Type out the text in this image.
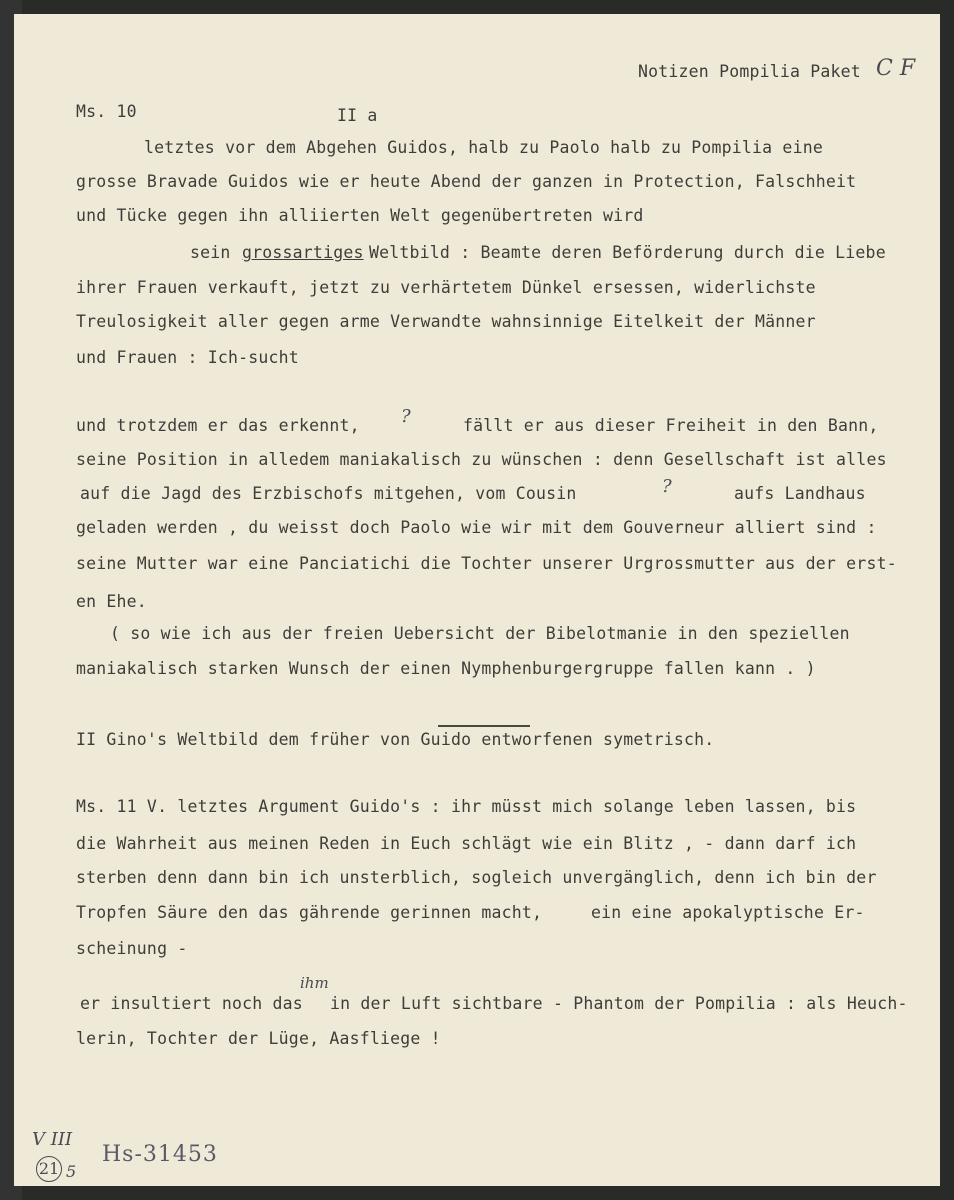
Notizen Pompilia Paket C F
Ms. 10	II a
letztes vor dem Abgehen Guidos, halb zu Paolo halb zu Pompilia eine
grosse Bravade Guidos wie er heute Abend der ganzen in Protection, Falschheit
und Tücke gegen ihn alliierten Welt gegenübertreten wird
sein grossartiges Weltbild : Beamte deren Beförderung durch die Liebe
ihrer Frauen verkauft, jetzt zu verhärtetem Dünkel ersessen, widerlichste
Treulosigkeit aller gegen arme Verwandte wahnsinnige Eitelkeit der Männer
und Frauen : Ich-sucht
und trotzdem er das erkennt, ?	fällt er aus dieser Freiheit in den Bann,
seine Position in alledem maniakalisch zu wünschen : denn Gesellschaft ist alles
auf die Jagd des Erzbischofs mitgehen, vom Cousin	?	aufs Landhaus
geladen werden , du weisst doch Paolo wie wir mit dem Gouverneur alliert sind :
seine Mutter war eine Panciatichi die Tochter unserer Urgrossmutter aus der erst-
en Ehe.
( so wie ich aus der freien Uebersicht der Bibelotmanie in den speziellen
maniakalisch starken Wunsch der einen Nymphenburgergruppe fallen kann . )
II Gino's Weltbild dem früher von Guido entworfenen symetrisch.
Ms. 11 V. letztes Argument Guido's : ihr müsst mich solange leben lassen, bis
die Wahrheit aus meinen Reden in Euch schlägt wie ein Blitz , - dann darf ich
sterben denn dann bin ich unsterblich, sogleich unvergänglich, denn ich bin der
Tropfen Säure den das gährende gerinnen macht,	ein eine apokalyptische Er-
scheinung -
ihm
er insultiert noch das in der Luft sichtbare - Phantom der Pompilia : als Heuch-
lerin, Tochter der Lüge, Aasfliege !
V III
21 5
Hs-31453
